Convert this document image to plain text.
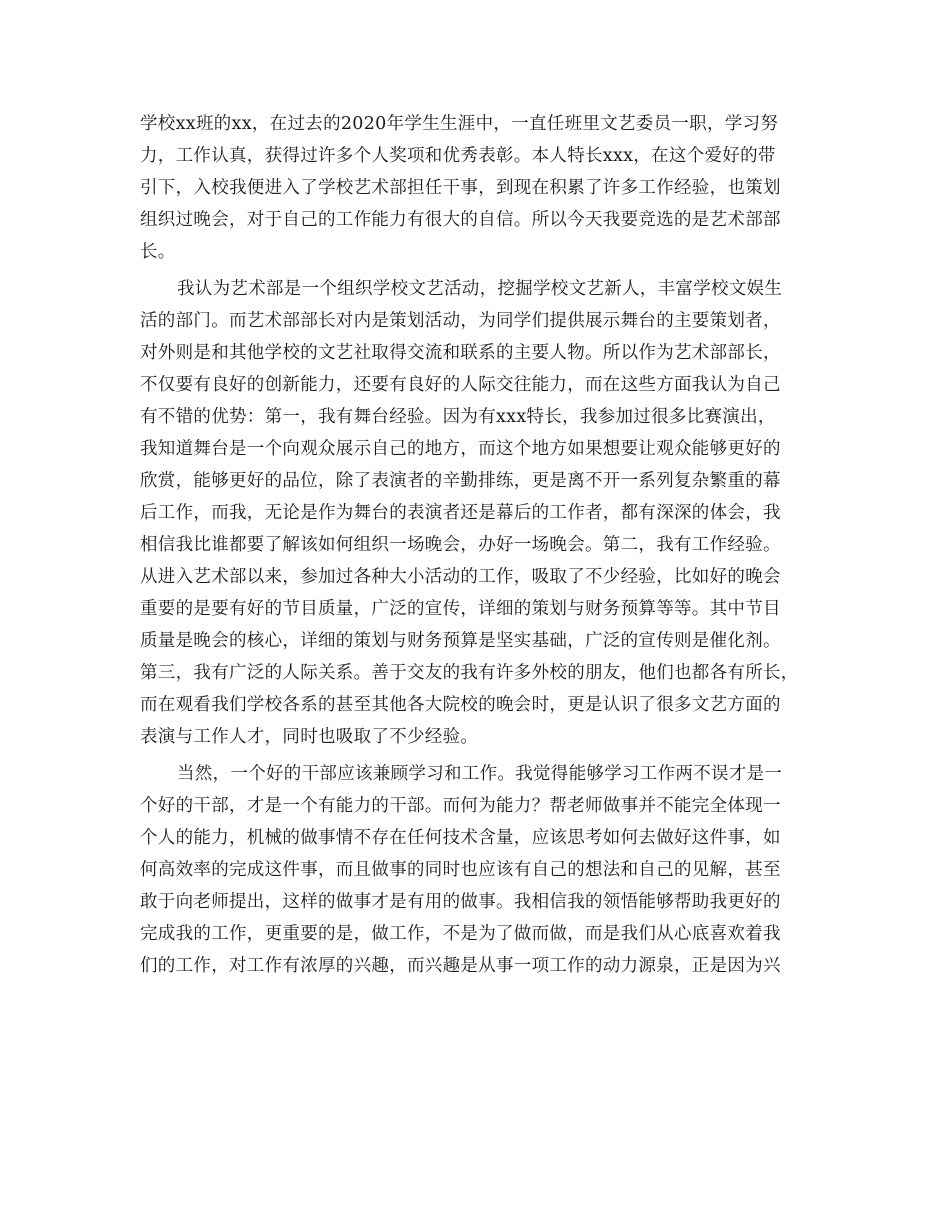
学校xx班的xx，在过去的2020年学生生涯中，一直任班里文艺委员一职，学习努
力，工作认真，获得过许多个人奖项和优秀表彰。本人特长xxx，在这个爱好的带
引下，入校我便进入了学校艺术部担任干事，到现在积累了许多工作经验，也策划
组织过晚会，对于自己的工作能力有很大的自信。所以今天我要竞选的是艺术部部
长。

我认为艺术部是一个组织学校文艺活动，挖掘学校文艺新人，丰富学校文娱生
活的部门。而艺术部部长对内是策划活动，为同学们提供展示舞台的主要策划者，
对外则是和其他学校的文艺社取得交流和联系的主要人物。所以作为艺术部部长，
不仅要有良好的创新能力，还要有良好的人际交往能力，而在这些方面我认为自己
有不错的优势：第一，我有舞台经验。因为有xxx特长，我参加过很多比赛演出，
我知道舞台是一个向观众展示自己的地方，而这个地方如果想要让观众能够更好的
欣赏，能够更好的品位，除了表演者的辛勤排练，更是离不开一系列复杂繁重的幕
后工作，而我，无论是作为舞台的表演者还是幕后的工作者，都有深深的体会，我
相信我比谁都要了解该如何组织一场晚会，办好一场晚会。第二，我有工作经验。
从进入艺术部以来，参加过各种大小活动的工作，吸取了不少经验，比如好的晚会
重要的是要有好的节目质量，广泛的宣传，详细的策划与财务预算等等。其中节目
质量是晚会的核心，详细的策划与财务预算是坚实基础，广泛的宣传则是催化剂。
第三，我有广泛的人际关系。善于交友的我有许多外校的朋友，他们也都各有所长，
而在观看我们学校各系的甚至其他各大院校的晚会时，更是认识了很多文艺方面的
表演与工作人才，同时也吸取了不少经验。

当然，一个好的干部应该兼顾学习和工作。我觉得能够学习工作两不误才是一
个好的干部，才是一个有能力的干部。而何为能力？帮老师做事并不能完全体现一
个人的能力，机械的做事情不存在任何技术含量，应该思考如何去做好这件事，如
何高效率的完成这件事，而且做事的同时也应该有自己的想法和自己的见解，甚至
敢于向老师提出，这样的做事才是有用的做事。我相信我的领悟能够帮助我更好的
完成我的工作，更重要的是，做工作，不是为了做而做，而是我们从心底喜欢着我
们的工作，对工作有浓厚的兴趣，而兴趣是从事一项工作的动力源泉，正是因为兴
